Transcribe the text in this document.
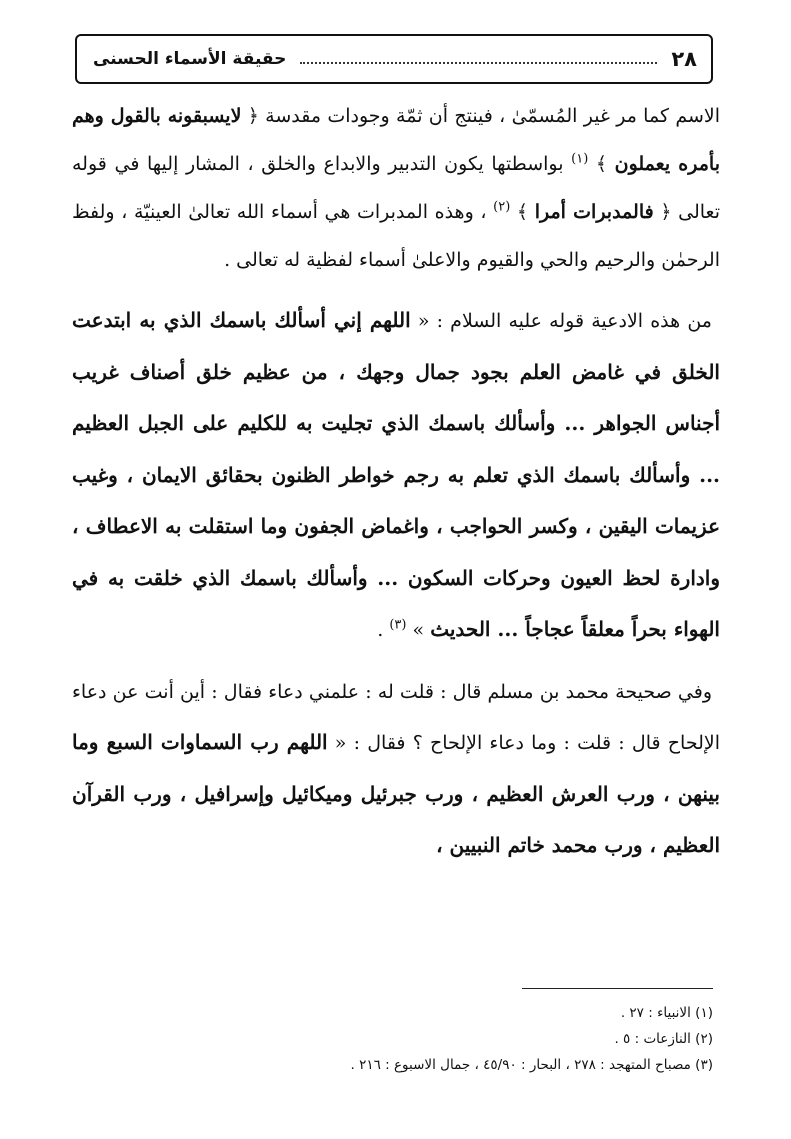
٢٨
حقيقة الأسماء الحسنى

الاسم كما مر غير المُسمّىٰ ، فينتج أن ثمّة وجودات مقدسة ﴿ لايسبقونه بالقول وهم بأمره يعملون ﴾ $^{(١)}$ بواسطتها يكون التدبير والابداع والخلق ، المشار إليها في قوله تعالى ﴿ فالمدبرات أمرا ﴾ $^{(٢)}$ ، وهذه المدبرات هي أسماء الله تعالىٰ العينيّة ، ولفظ الرحمٰن والرحيم والحي والقيوم والاعلىٰ أسماء لفظية له تعالى .

من هذه الادعية قوله عليه السلام : « اللهم إني أسألك باسمك الذي به ابتدعت الخلق في غامض العلم بجود جمال وجهك ، من عظيم خلق أصناف غريب أجناس الجواهر ... وأسألك باسمك الذي تجليت به للكليم على الجبل العظيم ... وأسألك باسمك الذي تعلم به رجم خواطر الظنون بحقائق الايمان ، وغيب عزيمات اليقين ، وكسر الحواجب ، واغماض الجفون وما استقلت به الاعطاف ، وادارة لحظ العيون وحركات السكون ... وأسألك باسمك الذي خلقت به في الهواء بحراً معلقاً عجاجاً ... الحديث » $^{(٣)}$ .

وفي صحيحة محمد بن مسلم قال : قلت له : علمني دعاء فقال : أين أنت عن دعاء الإلحاح قال : قلت : وما دعاء الإلحاح ؟ فقال : « اللهم رب السماوات السبع وما بينهن ، ورب العرش العظيم ، ورب جبرئيل وميكائيل وإسرافيل ، ورب القرآن العظيم ، ورب محمد خاتم النبيين ،

(١) الانبياء : ٢٧ .
(٢) النازعات : ٥ .
(٣) مصباح المتهجد : ٢٧٨ ، البحار : ٤٥/٩٠ ، جمال الاسبوع : ٢١٦ .
